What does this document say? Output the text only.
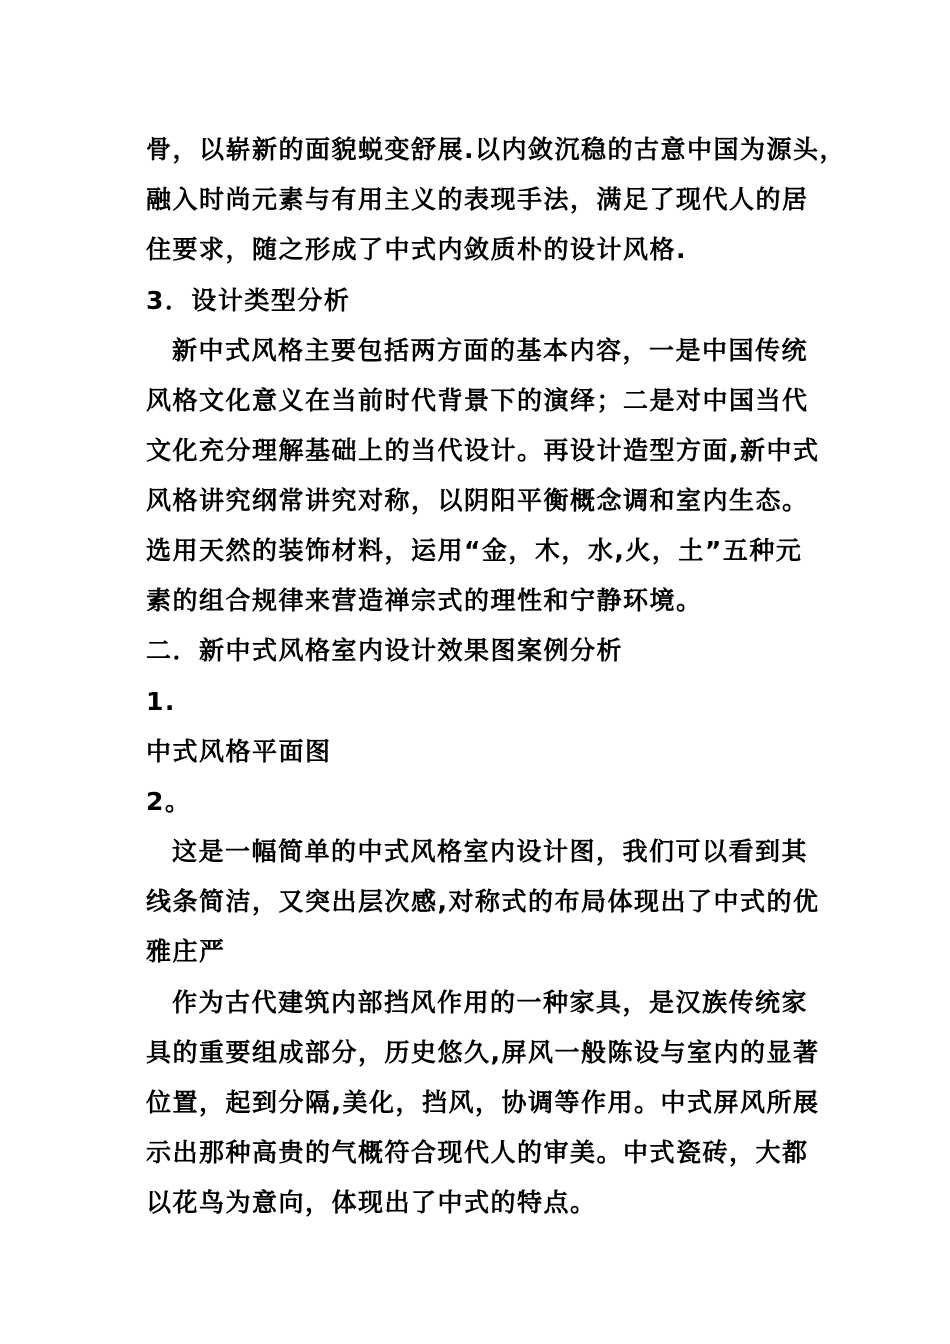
骨，以崭新的面貌蜕变舒展.以内敛沉稳的古意中国为源头，
融入时尚元素与有用主义的表现手法，满足了现代人的居
住要求，随之形成了中式内敛质朴的设计风格.
3．设计类型分析
新中式风格主要包括两方面的基本内容，一是中国传统
风格文化意义在当前时代背景下的演绎；二是对中国当代
文化充分理解基础上的当代设计。再设计造型方面,新中式
风格讲究纲常讲究对称，以阴阳平衡概念调和室内生态。
选用天然的装饰材料，运用“金，木，水,火，土”五种元
素的组合规律来营造禅宗式的理性和宁静环境。
二．新中式风格室内设计效果图案例分析
1.
中式风格平面图
2。
这是一幅简单的中式风格室内设计图，我们可以看到其
线条简洁，又突出层次感,对称式的布局体现出了中式的优
雅庄严
作为古代建筑内部挡风作用的一种家具，是汉族传统家
具的重要组成部分，历史悠久,屏风一般陈设与室内的显著
位置，起到分隔,美化，挡风，协调等作用。中式屏风所展
示出那种高贵的气概符合现代人的审美。中式瓷砖，大都
以花鸟为意向，体现出了中式的特点。
